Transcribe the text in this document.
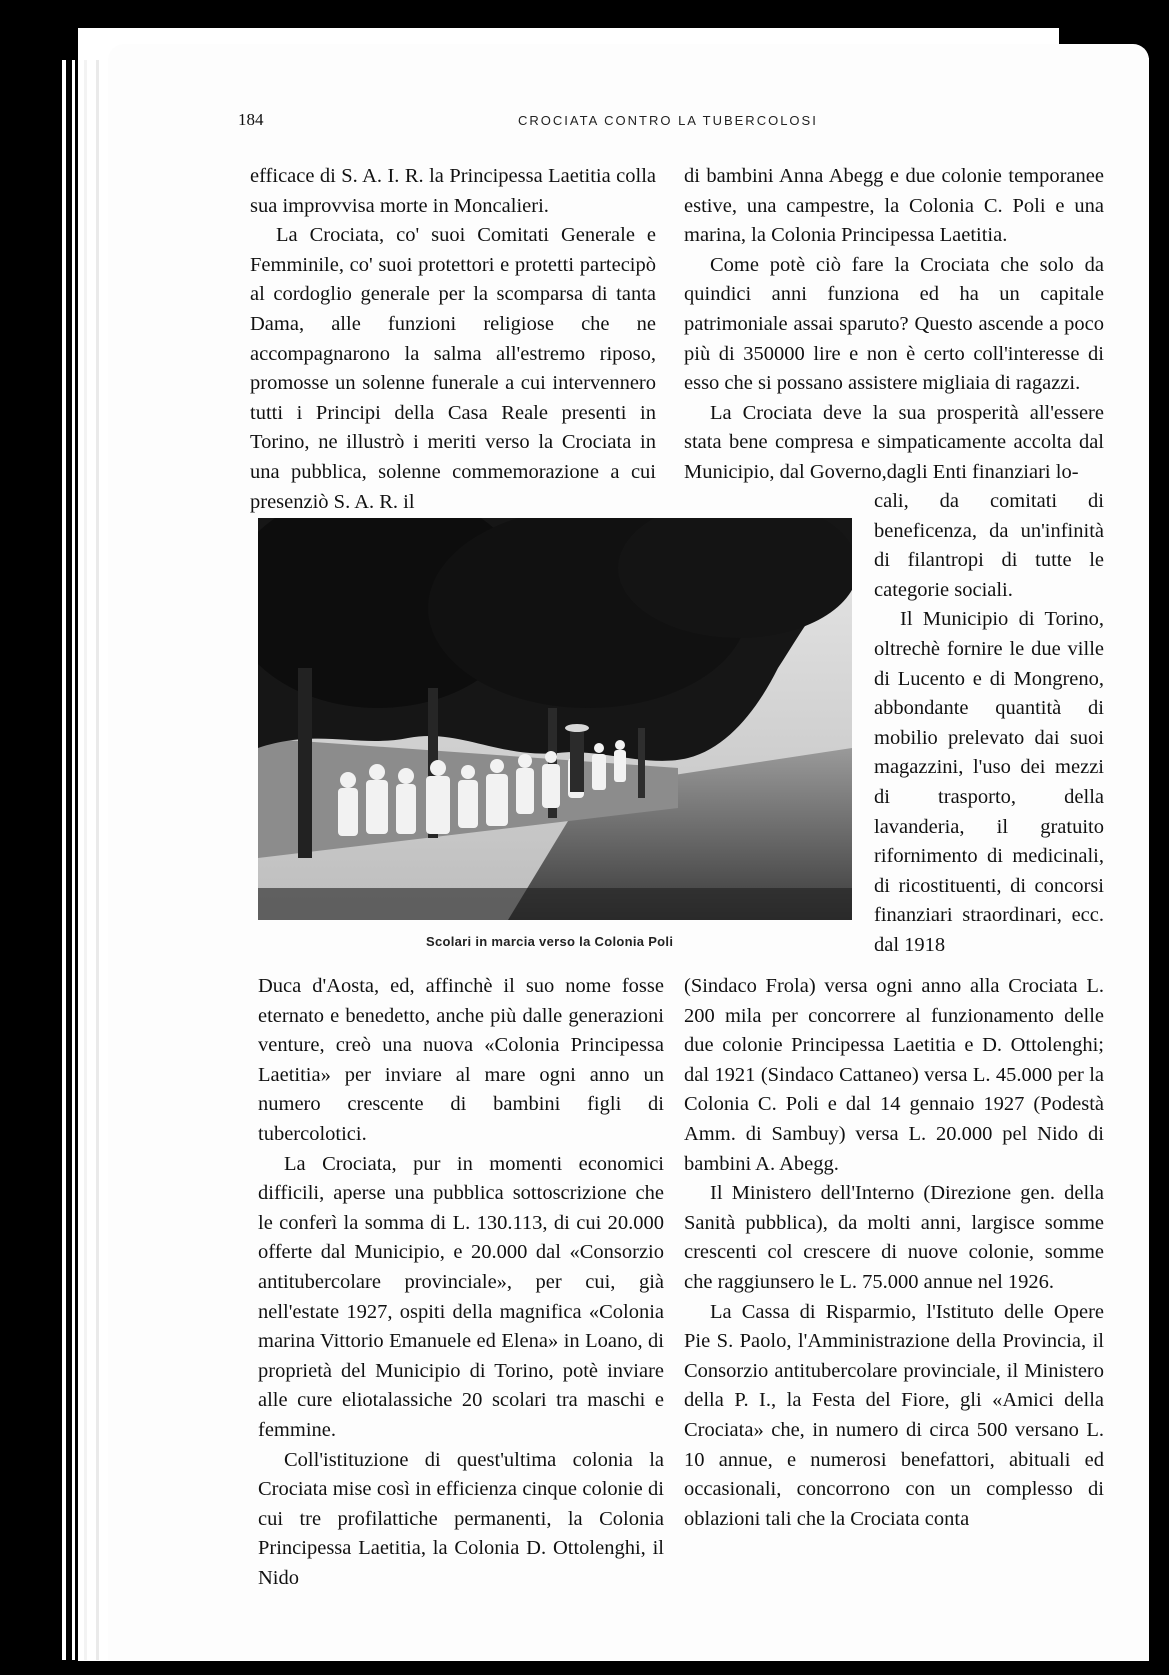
184	CROCIATA CONTRO LA TUBERCOLOSI

efficace di S. A. I. R. la Principessa Laetitia colla sua improvvisa morte in Moncalieri.

La Crociata, co' suoi Comitati Generale e Femminile, co' suoi protettori e protetti partecipò al cordoglio generale per la scomparsa di tanta Dama, alle funzioni religiose che ne accompagnarono la salma all'estremo riposo, promosse un solenne funerale a cui intervennero tutti i Principi della Casa Reale presenti in Torino, ne illustrò i meriti verso la Crociata in una pubblica, solenne commemorazione a cui presenziò S. A. R. il

di bambini Anna Abegg e due colonie temporanee estive, una campestre, la Colonia C. Poli e una marina, la Colonia Principessa Laetitia.

Come potè ciò fare la Crociata che solo da quindici anni funziona ed ha un capitale patrimoniale assai sparuto? Questo ascende a poco più di 350000 lire e non è certo coll'interesse di esso che si possano assistere migliaia di ragazzi.

La Crociata deve la sua prosperità all'essere stata bene compresa e simpaticamente accolta dal Municipio, dal Governo,dagli Enti finanziari lo-

cali, da comitati di beneficenza, da un'infinità di filantropi di tutte le categorie sociali.

Il Municipio di Torino, oltrechè fornire le due ville di Lucento e di Mongreno, abbondante quantità di mobilio prelevato dai suoi magazzini, l'uso dei mezzi di trasporto, della lavanderia, il gratuito rifornimento di medicinali, di ricostituenti, di concorsi finanziari straordinari, ecc. dal 1918

Scolari in marcia verso la Colonia Poli

Duca d'Aosta, ed, affinchè il suo nome fosse eternato e benedetto, anche più dalle generazioni venture, creò una nuova «Colonia Principessa Laetitia» per inviare al mare ogni anno un numero crescente di bambini figli di tubercolotici.

La Crociata, pur in momenti economici difficili, aperse una pubblica sottoscrizione che le conferì la somma di L. 130.113, di cui 20.000 offerte dal Municipio, e 20.000 dal «Consorzio antitubercolare provinciale», per cui, già nell'estate 1927, ospiti della magnifica «Colonia marina Vittorio Emanuele ed Elena» in Loano, di proprietà del Municipio di Torino, potè inviare alle cure eliotalassiche 20 scolari tra maschi e femmine.

Coll'istituzione di quest'ultima colonia la Crociata mise così in efficienza cinque colonie di cui tre profilattiche permanenti, la Colonia Principessa Laetitia, la Colonia D. Ottolenghi, il Nido

(Sindaco Frola) versa ogni anno alla Crociata L. 200 mila per concorrere al funzionamento delle due colonie Principessa Laetitia e D. Ottolenghi; dal 1921 (Sindaco Cattaneo) versa L. 45.000 per la Colonia C. Poli e dal 14 gennaio 1927 (Podestà Amm. di Sambuy) versa L. 20.000 pel Nido di bambini A. Abegg.

Il Ministero dell'Interno (Direzione gen. della Sanità pubblica), da molti anni, largisce somme crescenti col crescere di nuove colonie, somme che raggiunsero le L. 75.000 annue nel 1926.

La Cassa di Risparmio, l'Istituto delle Opere Pie S. Paolo, l'Amministrazione della Provincia, il Consorzio antitubercolare provinciale, il Ministero della P. I., la Festa del Fiore, gli «Amici della Crociata» che, in numero di circa 500 versano L. 10 annue, e numerosi benefattori, abituali ed occasionali, concorrono con un complesso di oblazioni tali che la Crociata conta
